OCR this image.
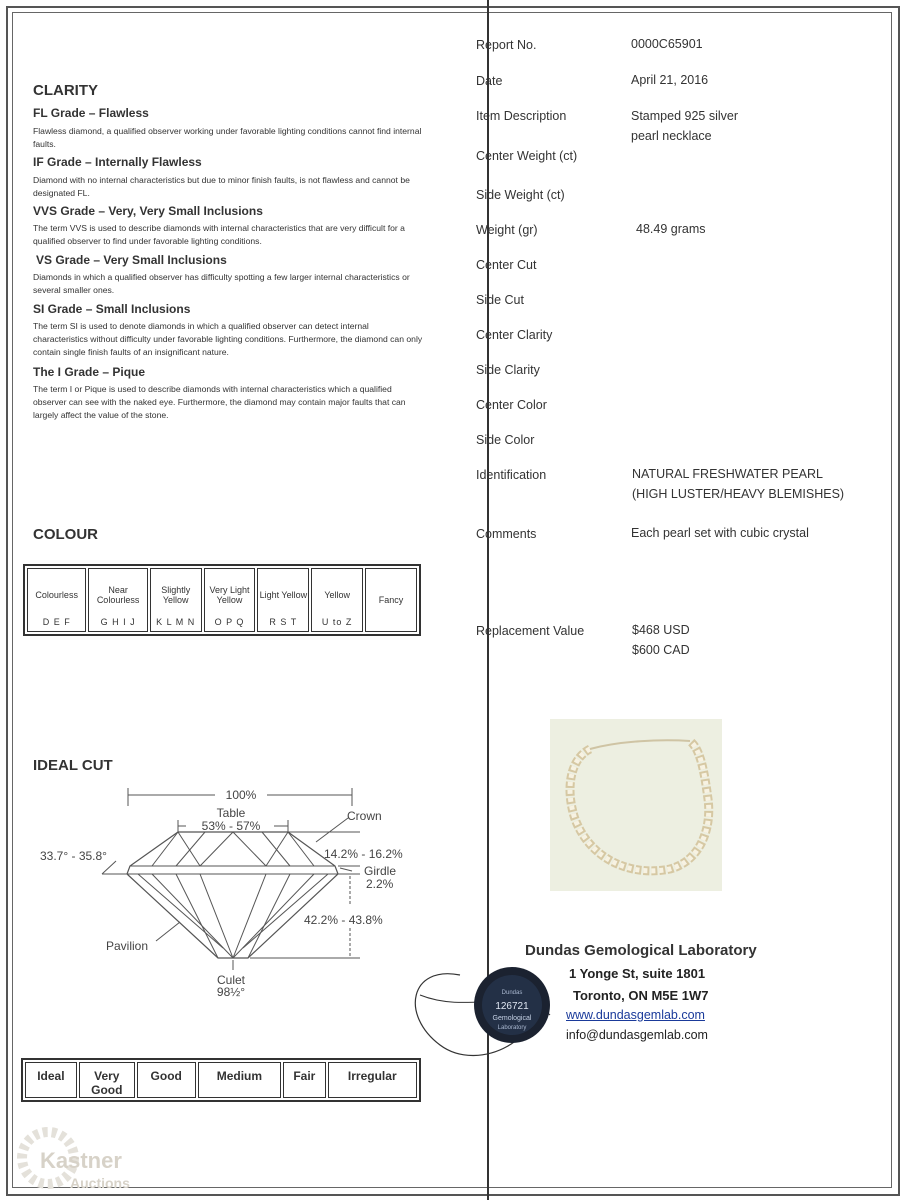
CLARITY
FL Grade – Flawless
Flawless diamond, a qualified observer working under favorable lighting conditions cannot find internal faults.
IF Grade – Internally Flawless
Diamond with no internal characteristics but due to minor finish faults, is not flawless and cannot be designated FL.
VVS Grade – Very, Very Small Inclusions
The term VVS is used to describe diamonds with internal characteristics that are very difficult for a qualified observer to find under favorable lighting conditions.
VS Grade – Very Small Inclusions
Diamonds in which a qualified observer has difficulty spotting a few larger internal characteristics or several smaller ones.
SI Grade – Small Inclusions
The term SI is used to denote diamonds in which a qualified observer can detect internal characteristics without difficulty under favorable lighting conditions. Furthermore, the diamond can only contain single finish faults of an insignificant nature.
The I Grade – Pique
The term I or Pique is used to describe diamonds with internal characteristics which a qualified observer can see with the naked eye. Furthermore, the diamond may contain major faults that can largely affect the value of the stone.
COLOUR
Colourless
D E F

Near Colourless
G H I J

Slightly Yellow
K L M N

Very Light Yellow
O P Q

Light Yellow
R S T

Yellow
U to Z
	Fancy
IDEAL CUT
100%
Table
53% - 57%
Crown
33.7° - 35.8°	14.2% - 16.2%
Girdle
2.2%
42.2% - 43.8%
Pavilion
Culet
98½°
Ideal	Very Good	Good	Medium	Fair	Irregular
Report No.	0000C65901
Date	April 21, 2016
Item Description	Stamped 925 silver
pearl necklace
Center Weight (ct)
Side Weight (ct)
Weight (gr)	48.49 grams
Center Cut
Side Cut
Center Clarity
Side Clarity
Center Color
Side Color
Identification	NATURAL FRESHWATER PEARL
(HIGH LUSTER/HEAVY BLEMISHES)
Comments	Each pearl set with cubic crystal
Replacement Value	$468 USD
$600 CAD
Dundas
126721
Gemological
Laboratory
Dundas Gemological Laboratory
1 Yonge St, suite 1801
Toronto, ON M5E 1W7
www.dundasgemlab.com
info@dundasgemlab.com
Kastner
Auctions
